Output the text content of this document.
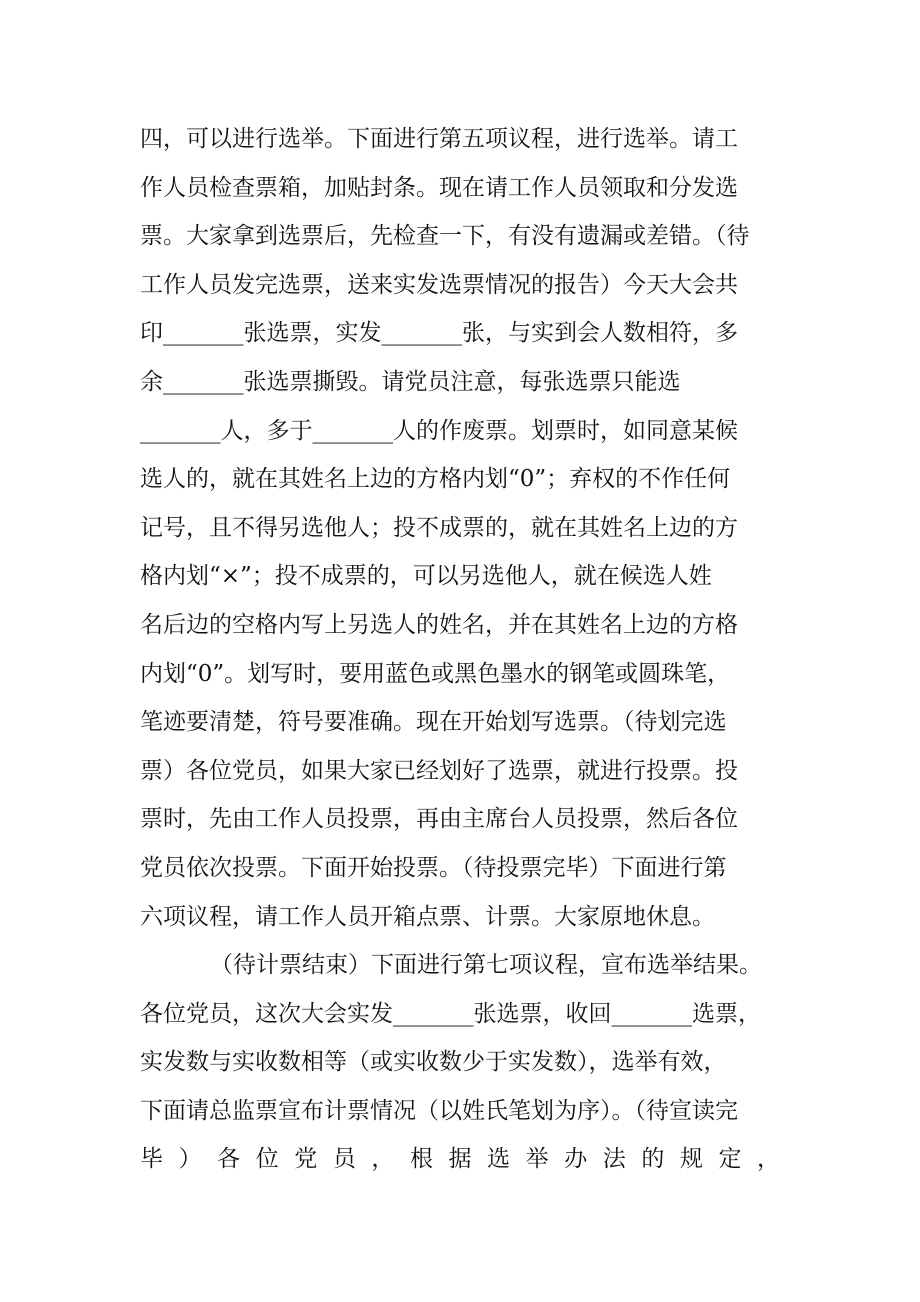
四，可以进行选举。下面进行第五项议程，进行选举。请工
作人员检查票箱，加贴封条。现在请工作人员领取和分发选
票。大家拿到选票后，先检查一下，有没有遗漏或差错。（待
工作人员发完选票，送来实发选票情况的报告）今天大会共
印_______张选票，实发_______张，与实到会人数相符，多
余_______张选票撕毁。请党员注意，每张选票只能选
_______人，多于_______人的作废票。划票时，如同意某候
选人的，就在其姓名上边的方格内划“0”；弃权的不作任何
记号，且不得另选他人；投不成票的，就在其姓名上边的方
格内划“×”；投不成票的，可以另选他人，就在候选人姓
名后边的空格内写上另选人的姓名，并在其姓名上边的方格
内划“0”。划写时，要用蓝色或黑色墨水的钢笔或圆珠笔，
笔迹要清楚，符号要准确。现在开始划写选票。（待划完选
票）各位党员，如果大家已经划好了选票，就进行投票。投
票时，先由工作人员投票，再由主席台人员投票，然后各位
党员依次投票。下面开始投票。（待投票完毕）下面进行第
六项议程，请工作人员开箱点票、计票。大家原地休息。
（待计票结束）下面进行第七项议程，宣布选举结果。
各位党员，这次大会实发_______张选票，收回_______选票，
实发数与实收数相等（或实收数少于实发数），选举有效，
下面请总监票宣布计票情况（以姓氏笔划为序）。（待宣读完
毕 ） 各 位 党 员 ， 根 据 选 举 办 法 的 规 定 ，
